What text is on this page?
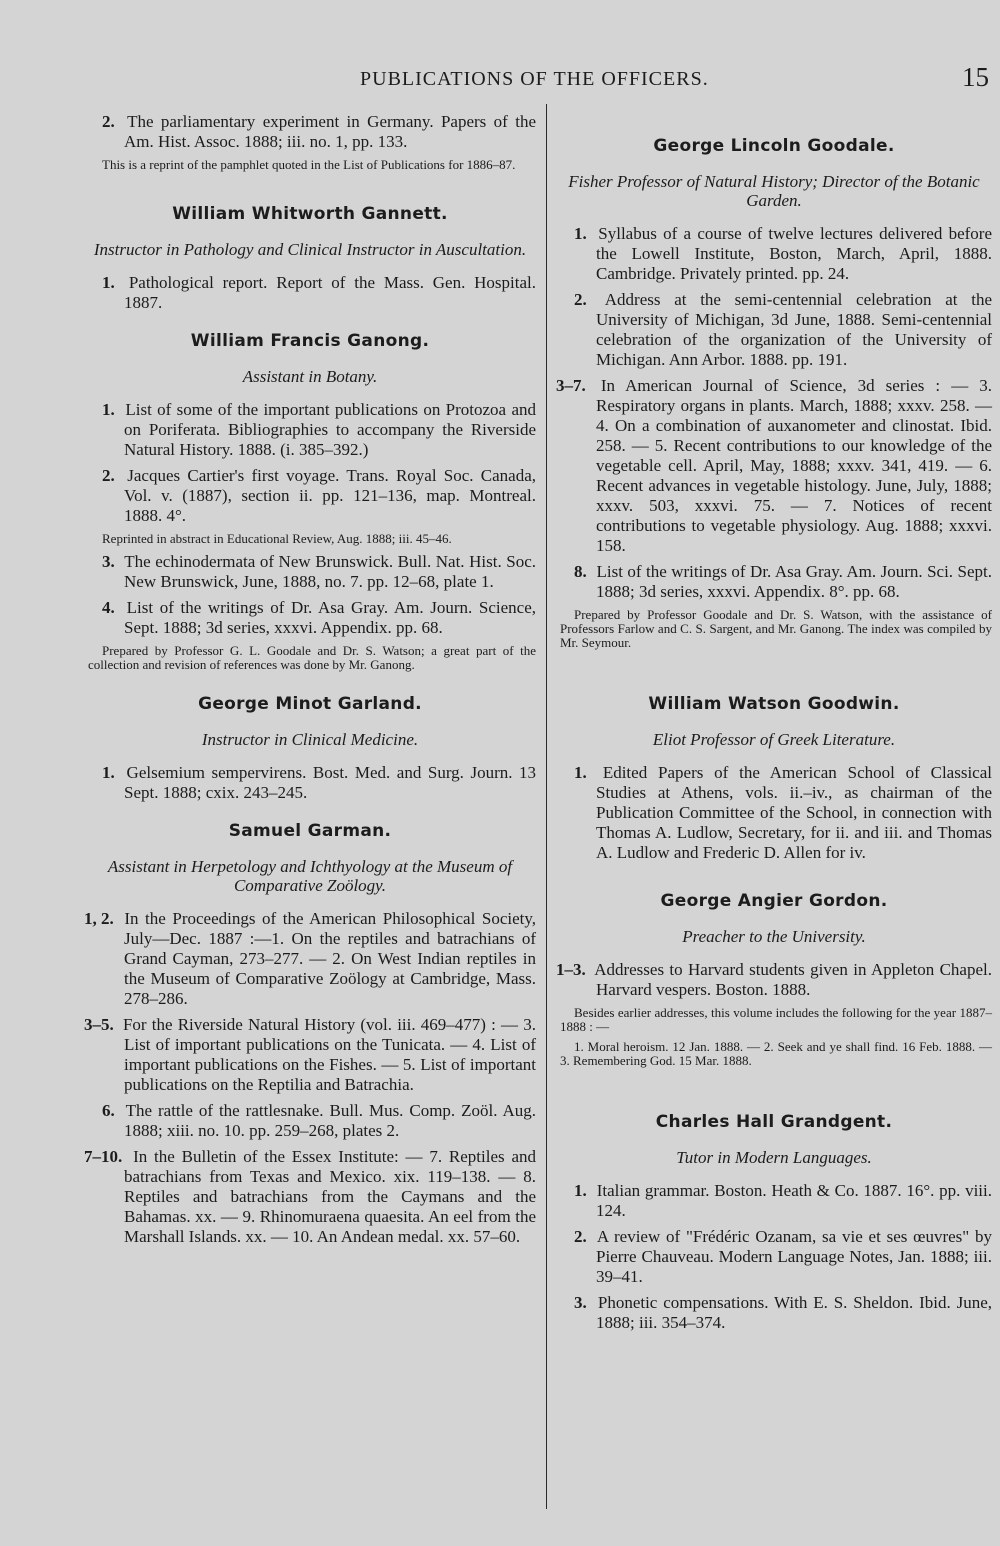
PUBLICATIONS OF THE OFFICERS.	15
2. The parliamentary experiment in Germany. Papers of the Am. Hist. Assoc. 1888; iii. no. 1, pp. 133.

This is a reprint of the pamphlet quoted in the List of Publications for 1886–87.

William Whitworth Gannett.
Instructor in Pathology and Clinical Instructor in Auscultation.
1. Pathological report. Report of the Mass. Gen. Hospital. 1887.
William Francis Ganong.
Assistant in Botany.
1. List of some of the important publications on Protozoa and on Poriferata. Bibliographies to accompany the Riverside Natural History. 1888. (i. 385–392.)
2. Jacques Cartier's first voyage. Trans. Royal Soc. Canada, Vol. v. (1887), section ii. pp. 121–136, map. Montreal. 1888. 4°.

Reprinted in abstract in Educational Review, Aug. 1888; iii. 45–46.

3. The echinodermata of New Brunswick. Bull. Nat. Hist. Soc. New Brunswick, June, 1888, no. 7. pp. 12–68, plate 1.
4. List of the writings of Dr. Asa Gray. Am. Journ. Science, Sept. 1888; 3d series, xxxvi. Appendix. pp. 68.

Prepared by Professor G. L. Goodale and Dr. S. Watson; a great part of the collection and revision of references was done by Mr. Ganong.

George Minot Garland.
Instructor in Clinical Medicine.
1. Gelsemium sempervirens. Bost. Med. and Surg. Journ. 13 Sept. 1888; cxix. 243–245.
Samuel Garman.
Assistant in Herpetology and Ichthyology at the Museum of Comparative Zoölogy.
1, 2. In the Proceedings of the American Philosophical Society, July—Dec. 1887 :—1. On the reptiles and batrachians of Grand Cayman, 273–277. — 2. On West Indian reptiles in the Museum of Comparative Zoölogy at Cambridge, Mass. 278–286.
3–5. For the Riverside Natural History (vol. iii. 469–477) : — 3. List of important publications on the Tunicata. — 4. List of important publications on the Fishes. — 5. List of important publications on the Reptilia and Batrachia.
6. The rattle of the rattlesnake. Bull. Mus. Comp. Zoöl. Aug. 1888; xiii. no. 10. pp. 259–268, plates 2.
7–10. In the Bulletin of the Essex Institute: — 7. Reptiles and batrachians from Texas and Mexico. xix. 119–138. — 8. Reptiles and batrachians from the Caymans and the Bahamas. xx. — 9. Rhinomuraena quaesita. An eel from the Marshall Islands. xx. — 10. An Andean medal. xx. 57–60.
George Lincoln Goodale.
Fisher Professor of Natural History; Director of the Botanic Garden.
1. Syllabus of a course of twelve lectures delivered before the Lowell Institute, Boston, March, April, 1888. Cambridge. Privately printed. pp. 24.
2. Address at the semi-centennial celebration at the University of Michigan, 3d June, 1888. Semi-centennial celebration of the organization of the University of Michigan. Ann Arbor. 1888. pp. 191.
3–7. In American Journal of Science, 3d series : — 3. Respiratory organs in plants. March, 1888; xxxv. 258. — 4. On a combination of auxanometer and clinostat. Ibid. 258. — 5. Recent contributions to our knowledge of the vegetable cell. April, May, 1888; xxxv. 341, 419. — 6. Recent advances in vegetable histology. June, July, 1888; xxxv. 503, xxxvi. 75. — 7. Notices of recent contributions to vegetable physiology. Aug. 1888; xxxvi. 158.
8. List of the writings of Dr. Asa Gray. Am. Journ. Sci. Sept. 1888; 3d series, xxxvi. Appendix. 8°. pp. 68.

Prepared by Professor Goodale and Dr. S. Watson, with the assistance of Professors Farlow and C. S. Sargent, and Mr. Ganong. The index was compiled by Mr. Seymour.

William Watson Goodwin.
Eliot Professor of Greek Literature.
1. Edited Papers of the American School of Classical Studies at Athens, vols. ii.–iv., as chairman of the Publication Committee of the School, in connection with Thomas A. Ludlow, Secretary, for ii. and iii. and Thomas A. Ludlow and Frederic D. Allen for iv.
George Angier Gordon.
Preacher to the University.
1–3. Addresses to Harvard students given in Appleton Chapel. Harvard vespers. Boston. 1888.

Besides earlier addresses, this volume includes the following for the year 1887–1888 : —

1. Moral heroism. 12 Jan. 1888. — 2. Seek and ye shall find. 16 Feb. 1888. — 3. Remembering God. 15 Mar. 1888.

Charles Hall Grandgent.
Tutor in Modern Languages.
1. Italian grammar. Boston. Heath & Co. 1887. 16°. pp. viii. 124.
2. A review of "Frédéric Ozanam, sa vie et ses œuvres" by Pierre Chauveau. Modern Language Notes, Jan. 1888; iii. 39–41.
3. Phonetic compensations. With E. S. Sheldon. Ibid. June, 1888; iii. 354–374.
